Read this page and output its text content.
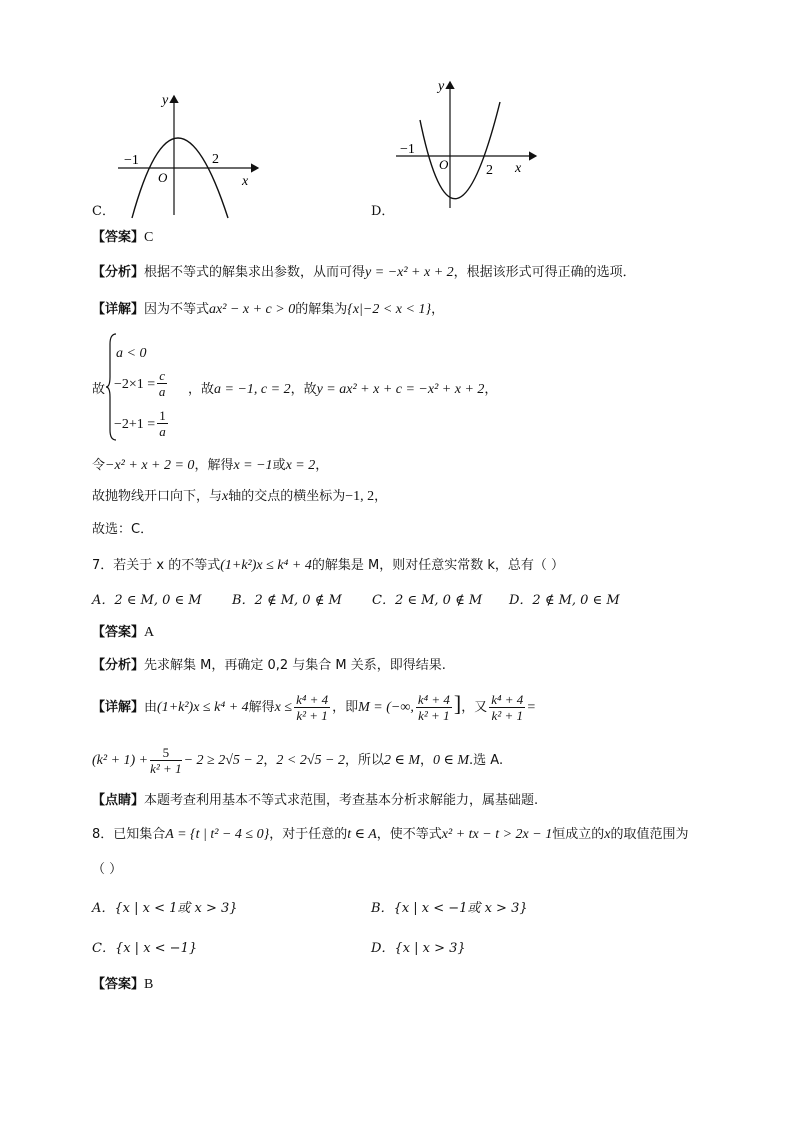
y
x
O
−1	2
C．
y
x
O
−1
2
D．
【答案】C
【分析】根据不等式的解集求出参数，从而可得y = −x² + x + 2，根据该形式可得正确的选项．
【详解】因为不等式ax² − x + c > 0的解集为{x|−2 < x < 1}，
故
a < 0
$-2\times 1 = \frac{c}{a}$ ，故a = −1, c = 2，故y = ax² + x + c = −x² + x + 2，
$-2+1 = \frac{1}{a}$
令−x² + x + 2 = 0，解得x = −1或x = 2，
故抛物线开口向下，与x轴的交点的横坐标为−1, 2，
故选：C．
7．若关于 x 的不等式(1+k²)x ≤ k⁴ + 4的解集是 M，则对任意实常数 k，总有（ ）
A．2 ∈ M, 0 ∈ M B．2 ∉ M, 0 ∉ M C．2 ∈ M, 0 ∉ M D．2 ∉ M, 0 ∈ M
【答案】A
【分析】先求解集 M，再确定 0,2 与集合 M 关系，即得结果.
【详解】由(1+k²)x ≤ k⁴ + 4解得$x \le \frac{\text{k⁴ + 4}}{\text{k² + 1}}$ ，即M = (−∞, $\frac{\text{k⁴ + 4}}{\text{k² + 1}}$ ]，又 $\frac{\text{k⁴ + 4}}{\text{k² + 1}}$ =
$(k^2 + 1) + \frac{5}{\text{k² + 1}} - 2 \ge 2√5 - 2$，2 < 2√5 − 2，所以2 ∈ M，0 ∈ M.选 A.
【点睛】本题考查利用基本不等式求范围，考查基本分析求解能力，属基础题.
8．已知集合A = {t | t² − 4 ≤ 0}，对于任意的t ∈ A，使不等式x² + tx − t > 2x − 1恒成立的x的取值范围为
（ ）
A．{x | x < 1或 x > 3}	B．{x | x < −1或 x > 3}
C．{x | x < −1}	D．{x | x > 3}
【答案】B
